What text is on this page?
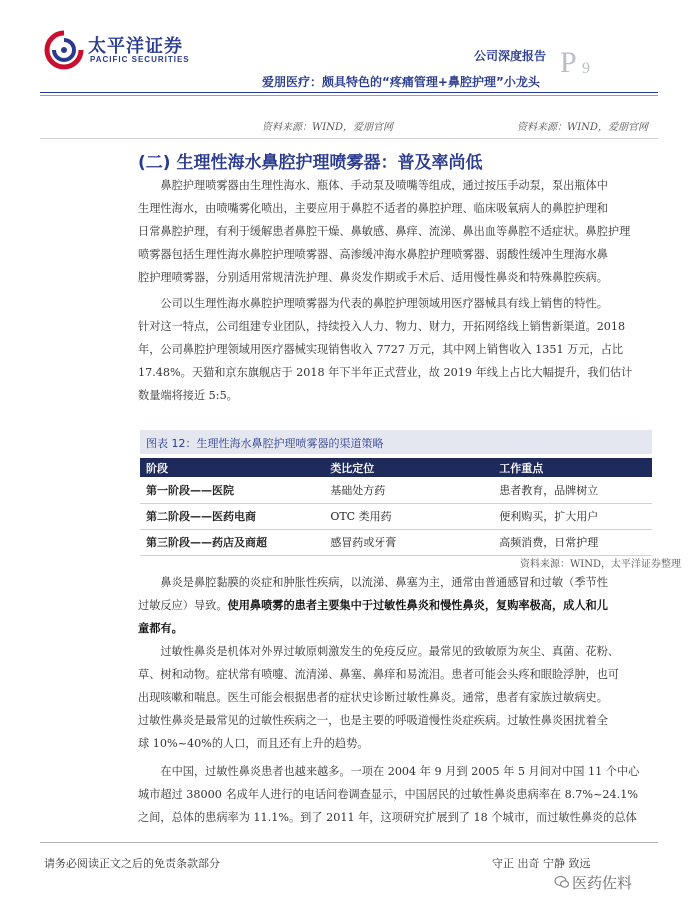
太平洋证券
PACIFIC SECURITIES	公司深度报告 P 9
爱朋医疗：颇具特色的“疼痛管理+鼻腔护理”小龙头
资料来源：WIND，爱朋官网	资料来源：WIND，爱朋官网
(二) 生理性海水鼻腔护理喷雾器：普及率尚低
鼻腔护理喷雾器由生理性海水、瓶体、手动泵及喷嘴等组成，通过按压手动泵，泵出瓶体中
生理性海水，由喷嘴雾化喷出，主要应用于鼻腔不适者的鼻腔护理、临床吸氧病人的鼻腔护理和
日常鼻腔护理，有利于缓解患者鼻腔干燥、鼻敏感、鼻痒、流涕、鼻出血等鼻腔不适症状。鼻腔护理
喷雾器包括生理性海水鼻腔护理喷雾器、高渗缓冲海水鼻腔护理喷雾器、弱酸性缓冲生理海水鼻
腔护理喷雾器，分别适用常规清洗护理、鼻炎发作期或手术后、适用慢性鼻炎和特殊鼻腔疾病。
公司以生理性海水鼻腔护理喷雾器为代表的鼻腔护理领域用医疗器械具有线上销售的特性。
针对这一特点，公司组建专业团队，持续投入人力、物力、财力，开拓网络线上销售新渠道。2018
年，公司鼻腔护理领域用医疗器械实现销售收入 7727 万元，其中网上销售收入 1351 万元，占比
17.48%。天猫和京东旗舰店于 2018 年下半年正式营业，故 2019 年线上占比大幅提升，我们估计
数量端将接近 5:5。
图表 12：生理性海水鼻腔护理喷雾器的渠道策略
阶段	类比定位	工作重点
第一阶段——医院	基础处方药	患者教育，品牌树立
第二阶段——医药电商	OTC 类用药	便利购买，扩大用户
第三阶段——药店及商超	感冒药或牙膏	高频消费，日常护理
资料来源：WIND，太平洋证券整理
鼻炎是鼻腔黏膜的炎症和肿胀性疾病，以流涕、鼻塞为主，通常由普通感冒和过敏（季节性
过敏反应）导致。使用鼻喷雾的患者主要集中于过敏性鼻炎和慢性鼻炎，复购率极高，成人和儿
童都有。
过敏性鼻炎是机体对外界过敏原刺激发生的免疫反应。最常见的致敏原为灰尘、真菌、花粉、
草、树和动物。症状常有喷嚏、流清涕、鼻塞、鼻痒和易流泪。患者可能会头疼和眼睑浮肿，也可
出现咳嗽和喘息。医生可能会根据患者的症状史诊断过敏性鼻炎。通常，患者有家族过敏病史。
过敏性鼻炎是最常见的过敏性疾病之一，也是主要的呼吸道慢性炎症疾病。过敏性鼻炎困扰着全
球 10%~40%的人口，而且还有上升的趋势。
在中国，过敏性鼻炎患者也越来越多。一项在 2004 年 9 月到 2005 年 5 月间对中国 11 个中心
城市超过 38000 名成年人进行的电话问卷调查显示，中国居民的过敏性鼻炎患病率在 8.7%~24.1%
之间，总体的患病率为 11.1%。到了 2011 年，这项研究扩展到了 18 个城市，而过敏性鼻炎的总体
请务必阅读正文之后的免责条款部分	守正 出奇 宁静 致远
医药佐料
